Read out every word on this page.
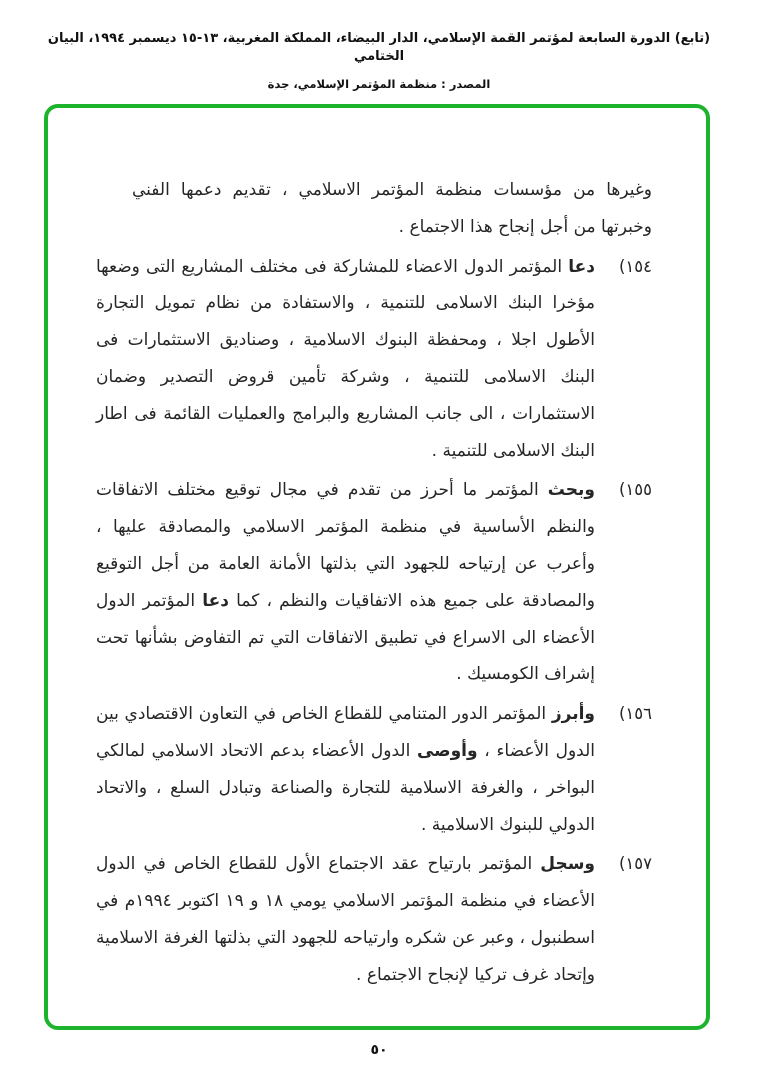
(تابع) الدورة السابعة لمؤتمر القمة الإسلامي، الدار البيضاء، المملكة المغربية، ١٣-١٥ ديسمبر ١٩٩٤، البيان الختامي
المصدر : منظمة المؤتمر الإسلامي، جدة
وغيرها من مؤسسات منظمة المؤتمر الاسلامي ، تقديم دعمها الفني وخبرتها من أجل إنجاح هذا الاجتماع .
١٥٤)
دعا المؤتمر الدول الاعضاء للمشاركة فى مختلف المشاريع التى وضعها مؤخرا البنك الاسلامى للتنمية ، والاستفادة من نظام تمويل التجارة الأطول اجلا ، ومحفظة البنوك الاسلامية ، وصناديق الاستثمارات فى البنك الاسلامى للتنمية ، وشركة تأمين قروض التصدير وضمان الاستثمارات ، الى جانب المشاريع والبرامج والعمليات القائمة فى اطار البنك الاسلامى للتنمية .
١٥٥)
وبحث المؤتمر ما أحرز من تقدم في مجال توقيع مختلف الاتفاقات والنظم الأساسية في منظمة المؤتمر الاسلامي والمصادقة عليها ، وأعرب عن إرتياحه للجهود التي بذلتها الأمانة العامة من أجل التوقيع والمصادقة على جميع هذه الاتفاقيات والنظم ، كما دعا المؤتمر الدول الأعضاء الى الاسراع في تطبيق الاتفاقات التي تم التفاوض بشأنها تحت إشراف الكومسيك .
١٥٦)
وأبرز المؤتمر الدور المتنامي للقطاع الخاص في التعاون الاقتصادي بين الدول الأعضاء ، وأوصى الدول الأعضاء بدعم الاتحاد الاسلامي لمالكي البواخر ، والغرفة الاسلامية للتجارة والصناعة وتبادل السلع ، والاتحاد الدولي للبنوك الاسلامية .
١٥٧)
وسجل المؤتمر بارتياح عقد الاجتماع الأول للقطاع الخاص في الدول الأعضاء في منظمة المؤتمر الاسلامي يومي ١٨ و ١٩ اكتوبر ١٩٩٤م في اسطنبول ، وعبر عن شكره وارتياحه للجهود التي بذلتها الغرفة الاسلامية وإتحاد غرف تركيا لإنجاح الاجتماع .
٥٠
